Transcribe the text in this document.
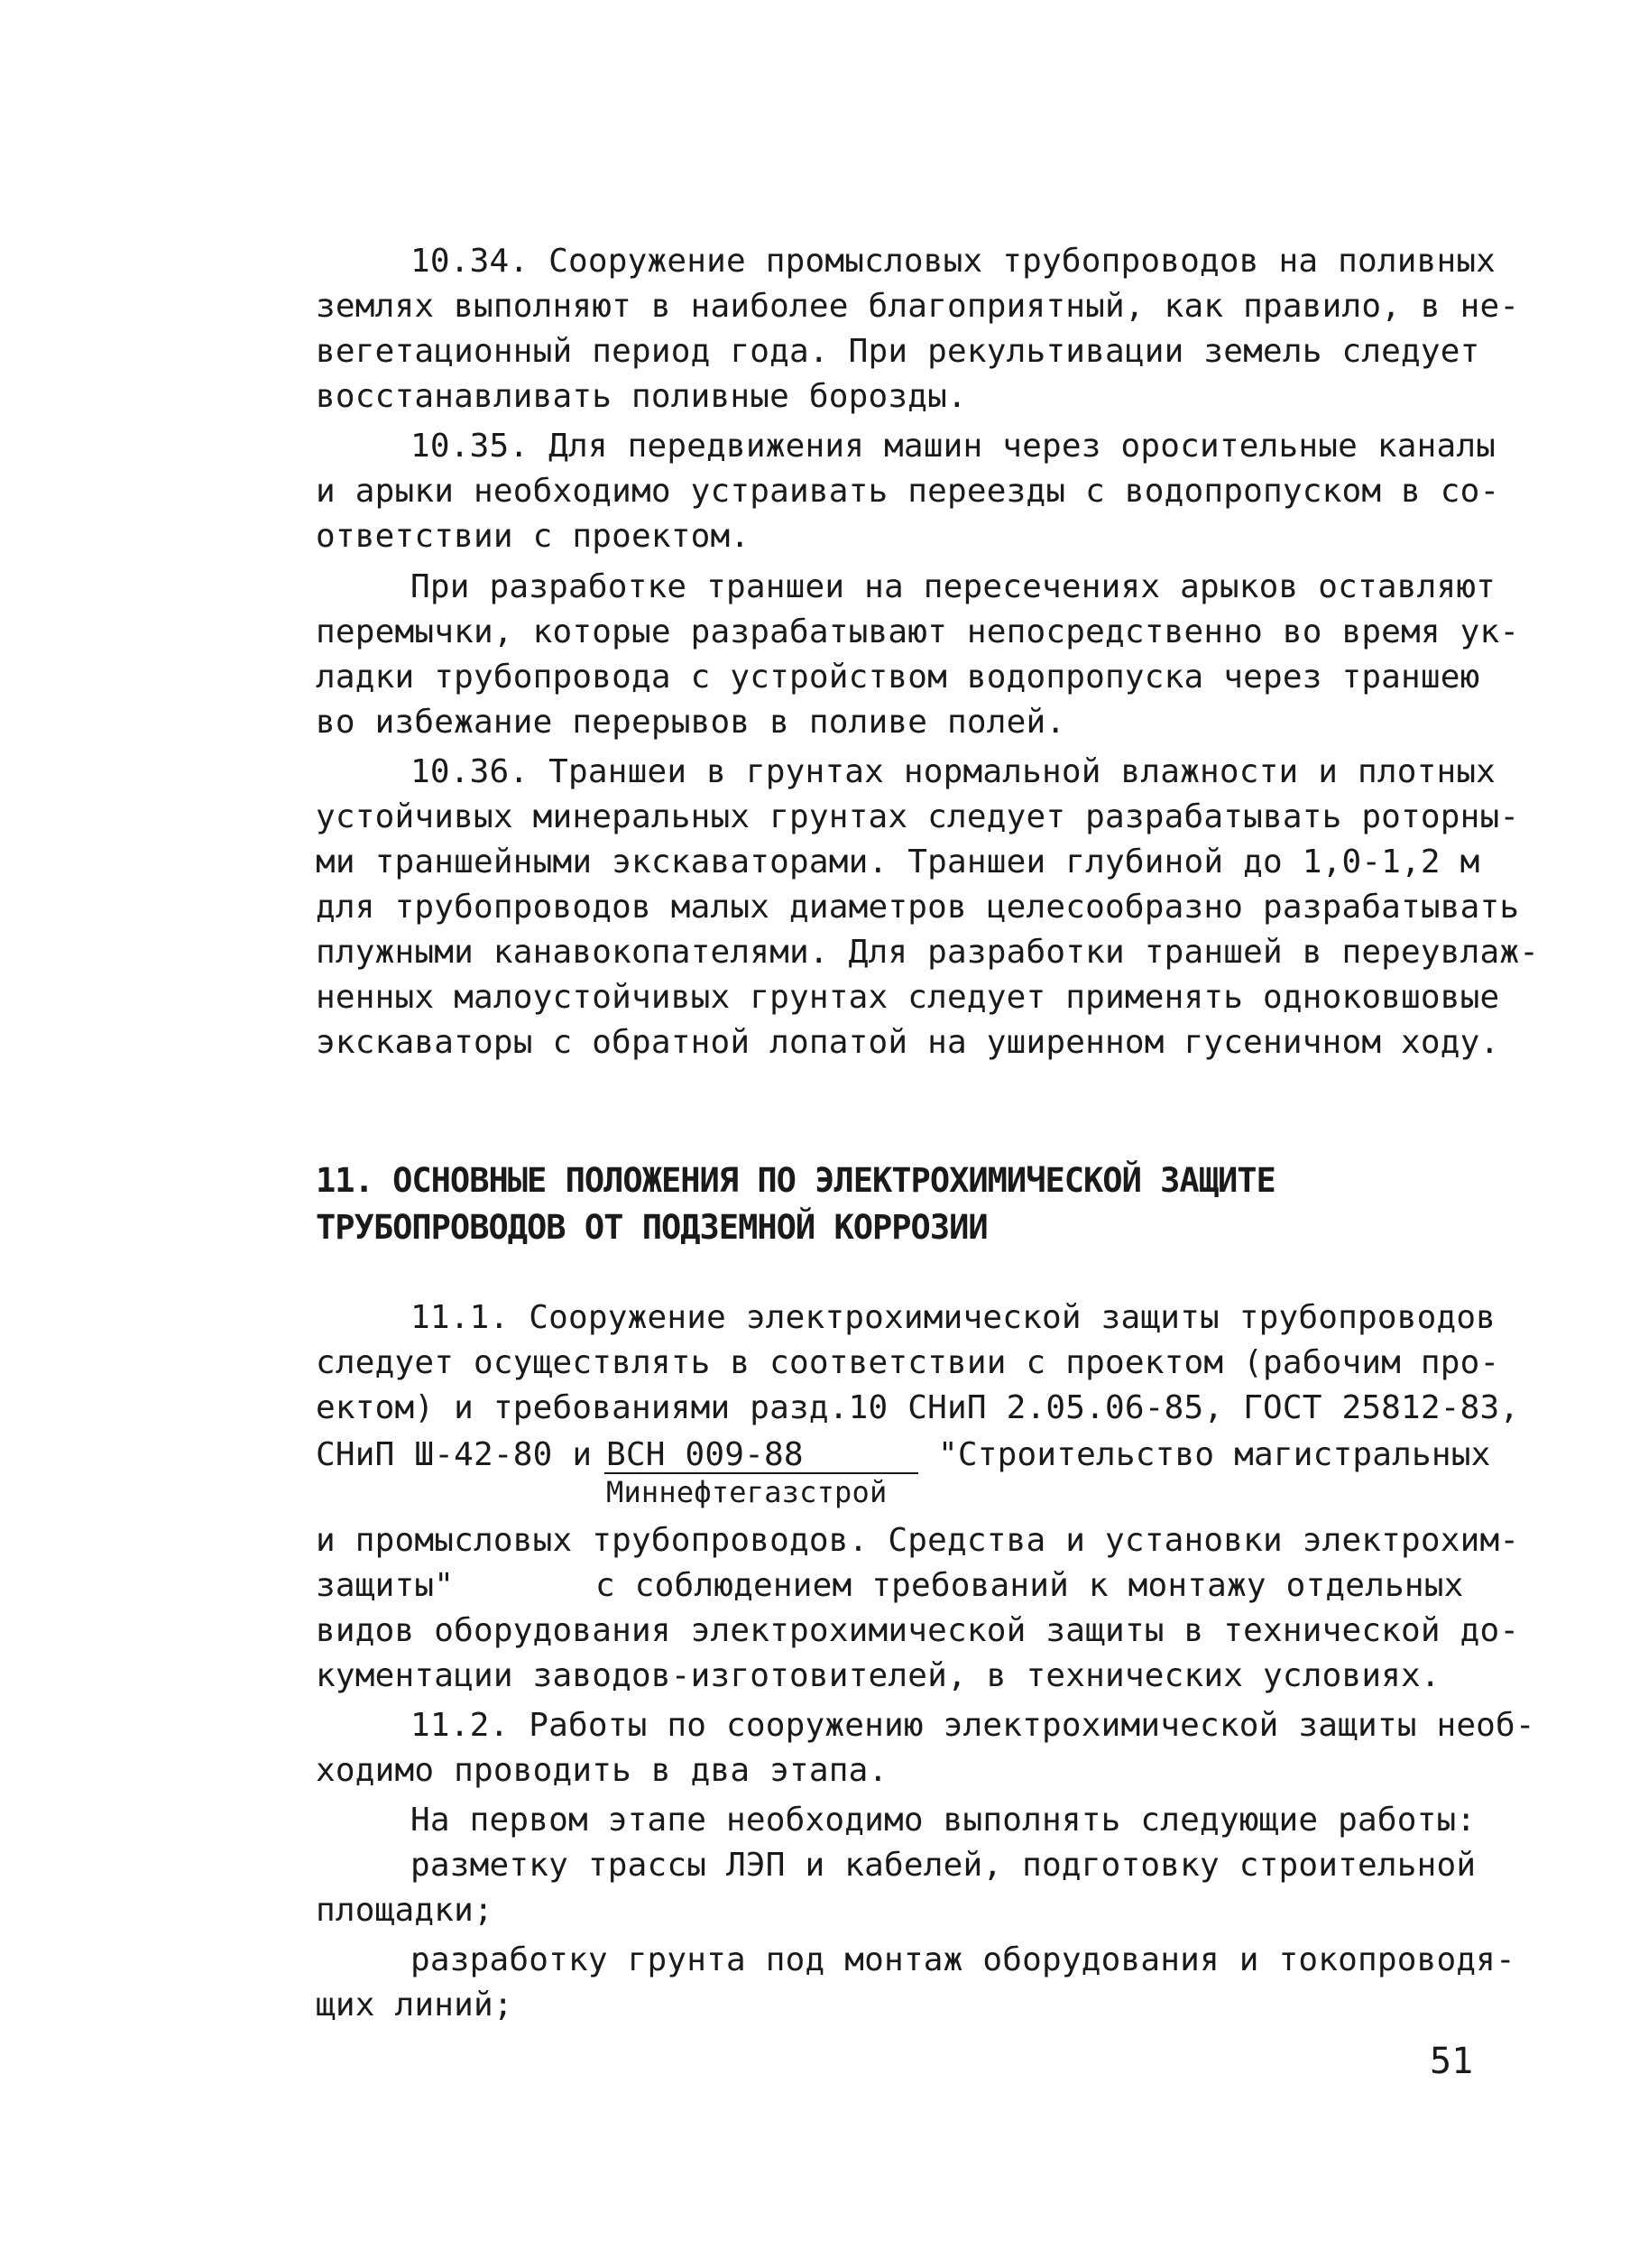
10.34. Сооружение промысловых трубопроводов на поливных
землях выполняют в наиболее благоприятный, как правило, в не-
вегетационный период года. При рекультивации земель следует
восстанавливать поливные борозды.
10.35. Для передвижения машин через оросительные каналы
и арыки необходимо устраивать переезды с водопропуском в со-
ответствии с проектом.
При разработке траншеи на пересечениях арыков оставляют
перемычки, которые разрабатывают непосредственно во время ук-
ладки трубопровода с устройством водопропуска через траншею
во избежание перерывов в поливе полей.
10.36. Траншеи в грунтах нормальной влажности и плотных
устойчивых минеральных грунтах следует разрабатывать роторны-
ми траншейными экскаваторами. Траншеи глубиной до 1,0-1,2 м
для трубопроводов малых диаметров целесообразно разрабатывать
плужными канавокопателями. Для разработки траншей в переувлаж-
ненных малоустойчивых грунтах следует применять одноковшовые
экскаваторы с обратной лопатой на уширенном гусеничном ходу.
11. ОСНОВНЫЕ ПОЛОЖЕНИЯ ПО ЭЛЕКТРОХИМИЧЕСКОЙ ЗАЩИТЕ
ТРУБОПРОВОДОВ ОТ ПОДЗЕМНОЙ КОРРОЗИИ
11.1. Сооружение электрохимической защиты трубопроводов
следует осуществлять в соответствии с проектом (рабочим про-
ектом) и требованиями разд.10 СНиП 2.05.06-85, ГОСТ 25812-83,
СНиП Ш-42-80 и ВСН 009-88	"Строительство магистральных
Миннефтегазстрой
и промысловых трубопроводов. Средства и установки электрохим-
защиты"	с соблюдением требований к монтажу отдельных
видов оборудования электрохимической защиты в технической до-
кументации заводов-изготовителей, в технических условиях.
11.2. Работы по сооружению электрохимической защиты необ-
ходимо проводить в два этапа.
На первом этапе необходимо выполнять следующие работы:
разметку трассы ЛЭП и кабелей, подготовку строительной
площадки;
разработку грунта под монтаж оборудования и токопроводя-
щих линий;
51
